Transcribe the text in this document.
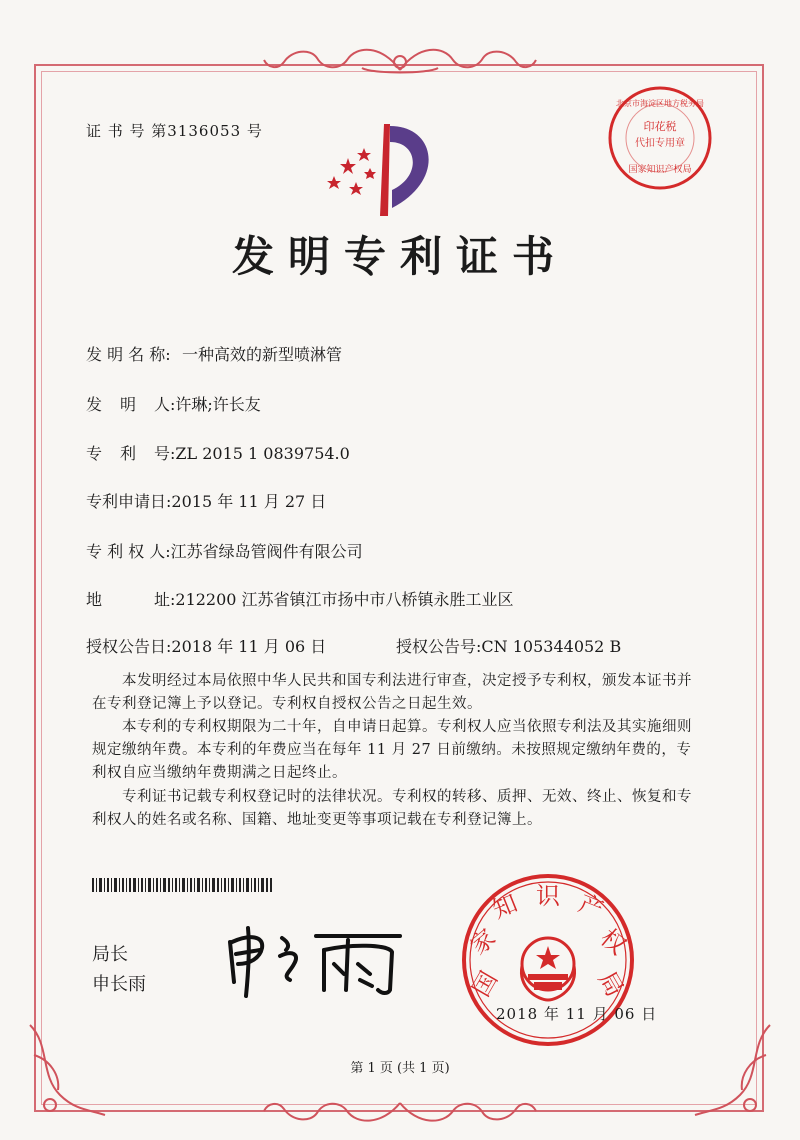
证 书 号 第3136053 号	印花税
代扣专用章
国家知识产权局
北京市海淀区地方税务局
发明专利证书
发 明 名 称: 一种高效的新型喷淋管
发 明 人 :许琳;许长友
专 利 号 :ZL 2015 1 0839754.0
专利申请日:2015 年 11 月 27 日
专 利 权 人:江苏省绿岛管阀件有限公司
地	址 :212200 江苏省镇江市扬中市八桥镇永胜工业区
授权公告日:2018 年 11 月 06 日	授权公告号:CN 105344052 B
本发明经过本局依照中华人民共和国专利法进行审查，决定授予专利权，颁发本证书并在专利登记簿上予以登记。专利权自授权公告之日起生效。
本专利的专利权期限为二十年，自申请日起算。专利权人应当依照专利法及其实施细则规定缴纳年费。本专利的年费应当在每年 11 月 27 日前缴纳。未按照规定缴纳年费的，专利权自应当缴纳年费期满之日起终止。
专利证书记载专利权登记时的法律状况。专利权的转移、质押、无效、终止、恢复和专利权人的姓名或名称、国籍、地址变更等事项记载在专利登记簿上。
局长
申长雨	国
家
知 识 产
权
局
2018 年 11 月 06 日
第 1 页 (共 1 页)
